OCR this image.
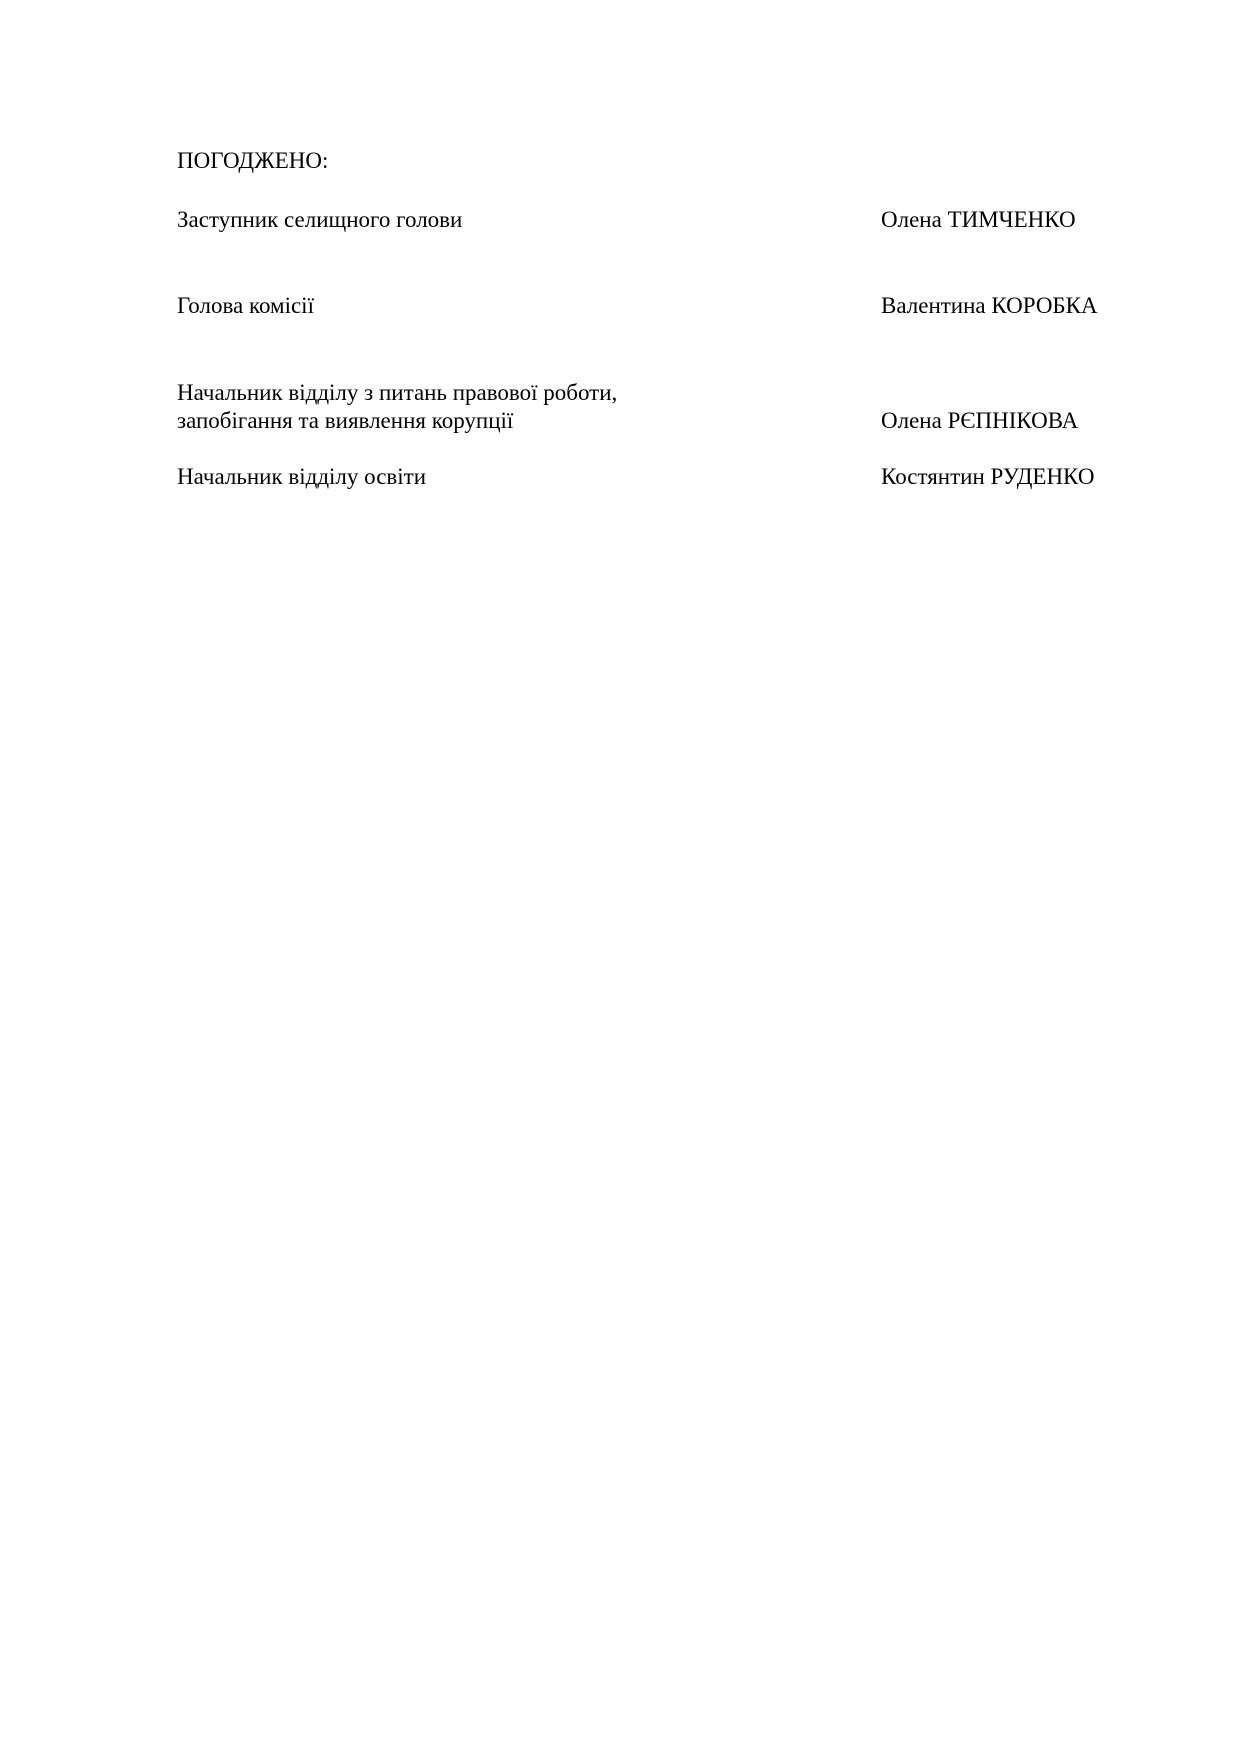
ПОГОДЖЕНО:
Заступник селищного голови	Олена ТИМЧЕНКО
Голова комісії	Валентина КОРОБКА
Начальник відділу з питань правової роботи,
запобігання та виявлення корупції	Олена РЄПНІКОВА
Начальник відділу освіти	Костянтин РУДЕНКО
